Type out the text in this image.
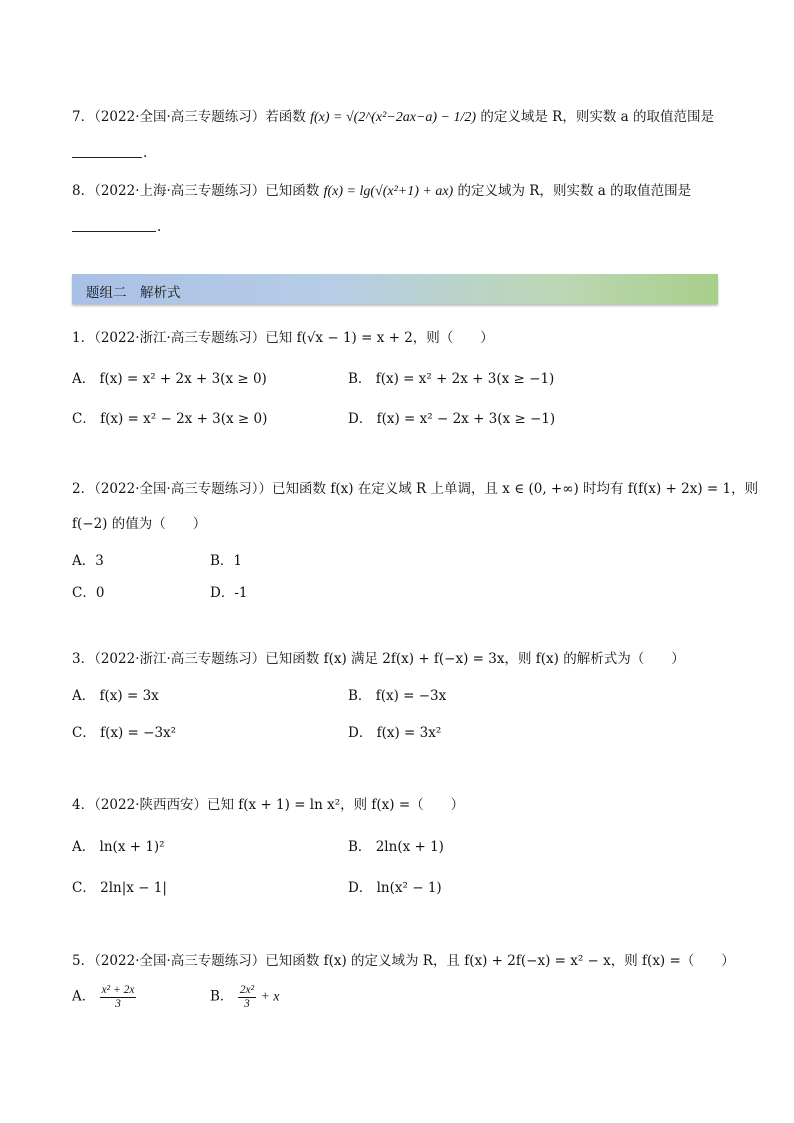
7．（2022·全国·高三专题练习）若函数 f(x) = √(2^(x²−2ax−a) − 1/2) 的定义域是 R，则实数 a 的取值范围是
.
8．（2022·上海·高三专题练习）已知函数 f(x) = lg(√(x²+1) + ax) 的定义域为 R，则实数 a 的取值范围是
.
题组二　解析式
1．（2022·浙江·高三专题练习）已知 f(√x − 1) = x + 2，则（　　）
A． f(x) = x² + 2x + 3(x ≥ 0)	B． f(x) = x² + 2x + 3(x ≥ −1)
C． f(x) = x² − 2x + 3(x ≥ 0)	D． f(x) = x² − 2x + 3(x ≥ −1)
2．（2022·全国·高三专题练习））已知函数 f(x) 在定义域 R 上单调，且 x ∈ (0, +∞) 时均有 f(f(x) + 2x) = 1，则
f(−2) 的值为（　　）
A．3	B．1
C．0	D．-1
3．（2022·浙江·高三专题练习）已知函数 f(x) 满足 2f(x) + f(−x) = 3x，则 f(x) 的解析式为（　　）
A． f(x) = 3x	B． f(x) = −3x
C． f(x) = −3x²	D． f(x) = 3x²
4．（2022·陕西西安）已知 f(x + 1) = ln x²，则 f(x) =（　　）
A． ln(x + 1)²	B． 2ln(x + 1)
C． 2ln|x − 1|	D． ln(x² − 1)
5．（2022·全国·高三专题练习）已知函数 f(x) 的定义域为 R，且 f(x) + 2f(−x) = x² − x，则 f(x) =（　　）
A． $\frac{\text{x² + 2x}}{3}$	B． $\frac{\text{2x²}}{3} + x$
